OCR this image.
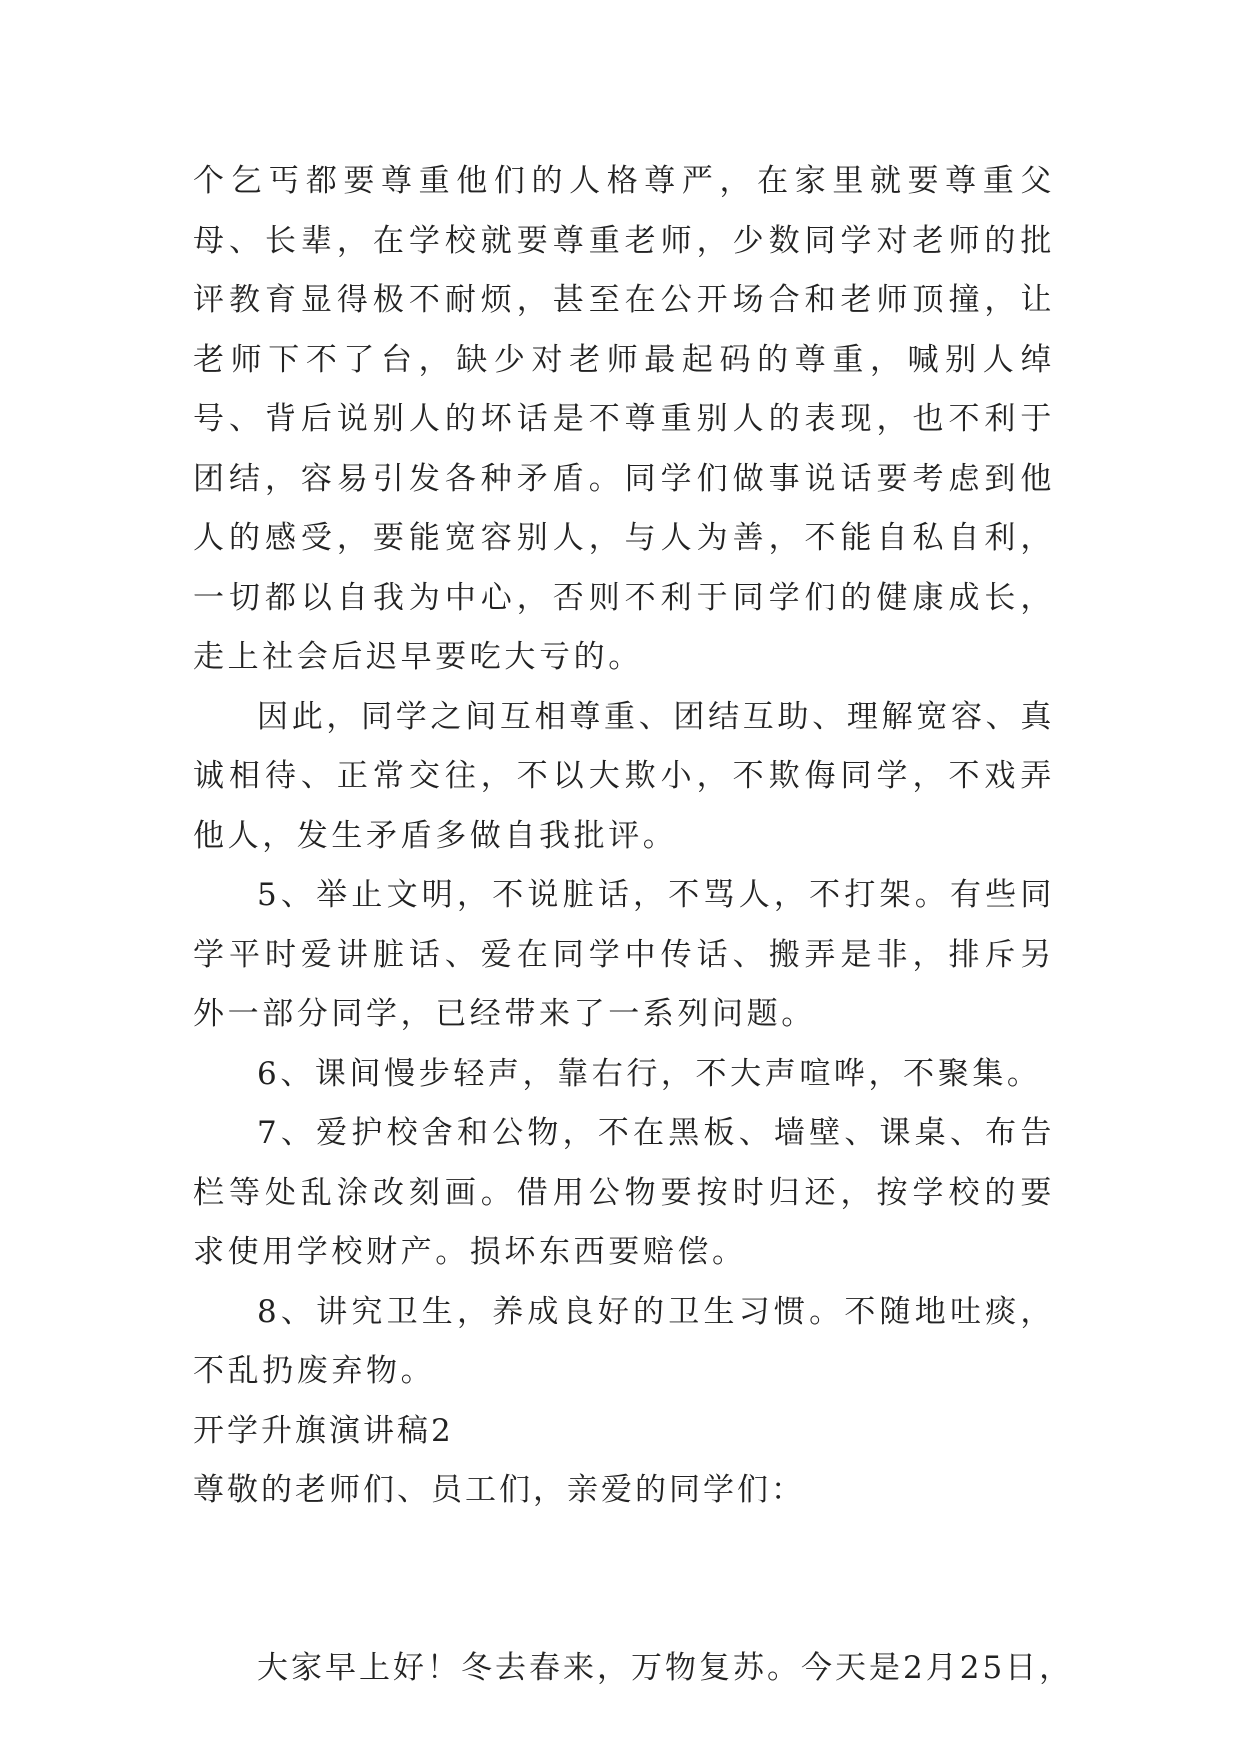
个乞丐都要尊重他们的人格尊严，在家里就要尊重父母、长辈，在学校就要尊重老师，少数同学对老师的批评教育显得极不耐烦，甚至在公开场合和老师顶撞，让老师下不了台，缺少对老师最起码的尊重，喊别人绰号、背后说别人的坏话是不尊重别人的表现，也不利于团结，容易引发各种矛盾。同学们做事说话要考虑到他人的感受，要能宽容别人，与人为善，不能自私自利，一切都以自我为中心，否则不利于同学们的健康成长，走上社会后迟早要吃大亏的。

因此，同学之间互相尊重、团结互助、理解宽容、真诚相待、正常交往，不以大欺小，不欺侮同学，不戏弄他人，发生矛盾多做自我批评。

5、举止文明，不说脏话，不骂人，不打架。有些同学平时爱讲脏话、爱在同学中传话、搬弄是非，排斥另外一部分同学，已经带来了一系列问题。

6、课间慢步轻声，靠右行，不大声喧哗，不聚集。

7、爱护校舍和公物，不在黑板、墙壁、课桌、布告栏等处乱涂改刻画。借用公物要按时归还，按学校的要求使用学校财产。损坏东西要赔偿。

8、讲究卫生，养成良好的卫生习惯。不随地吐痰，不乱扔废弃物。

开学升旗演讲稿2

尊敬的老师们、员工们，亲爱的同学们：

大家早上好！冬去春来，万物复苏。今天是2月25日，
